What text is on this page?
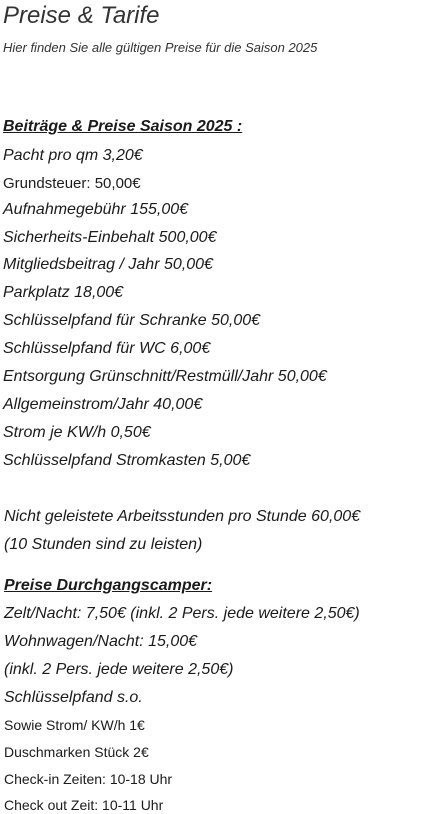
Preise & Tarife
Hier finden Sie alle gültigen Preise für die Saison 2025
Beiträge & Preise Saison 2025 :
Pacht pro qm 3,20€
Grundsteuer: 50,00€
Aufnahmegebühr 155,00€
Sicherheits-Einbehalt 500,00€
Mitgliedsbeitrag / Jahr 50,00€
Parkplatz 18,00€
Schlüsselpfand für Schranke 50,00€
Schlüsselpfand für WC 6,00€
Entsorgung Grünschnitt/Restmüll/Jahr 50,00€
Allgemeinstrom/Jahr 40,00€
Strom je KW/h 0,50€
Schlüsselpfand Stromkasten 5,00€
Nicht geleistete Arbeitsstunden pro Stunde 60,00€
(10 Stunden sind zu leisten)
Preise Durchgangscamper:
Zelt/Nacht: 7,50€ (inkl. 2 Pers. jede weitere 2,50€)
Wohnwagen/Nacht: 15,00€
(inkl. 2 Pers. jede weitere 2,50€)
Schlüsselpfand s.o.
Sowie Strom/ KW/h 1€
Duschmarken Stück 2€
Check-in Zeiten: 10-18 Uhr
Check out Zeit: 10-11 Uhr
